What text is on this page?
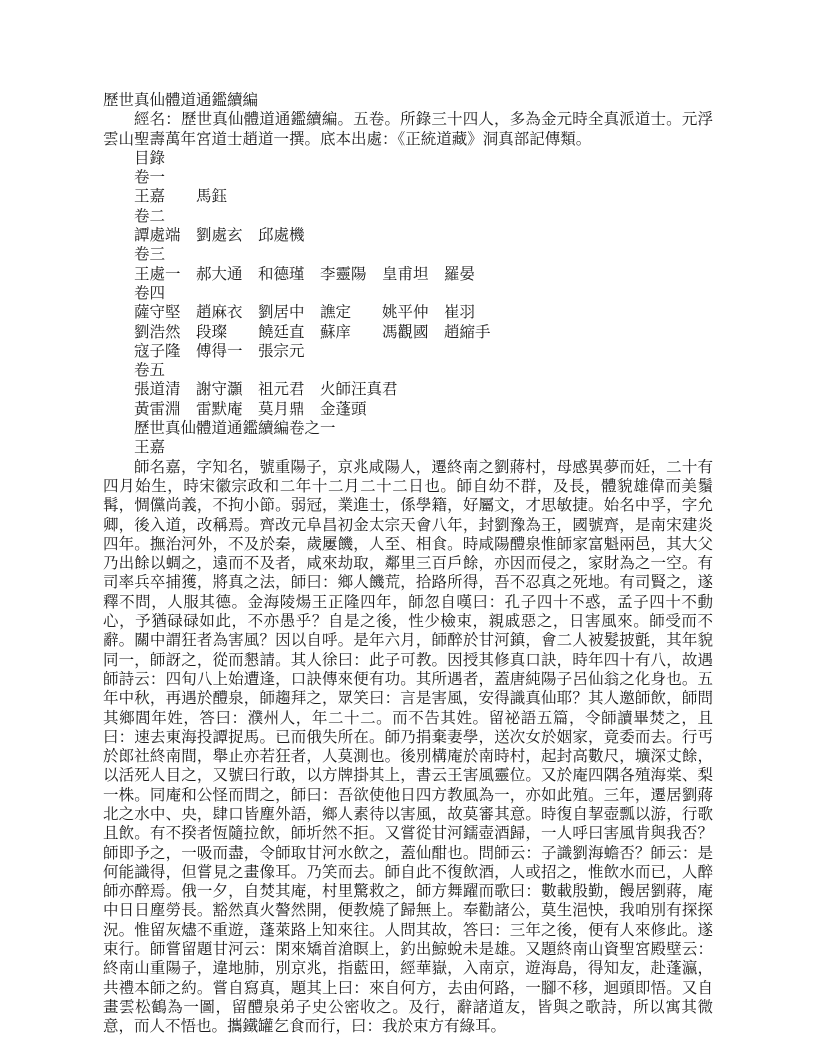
歷世真仙體道通鑑續編

經名：歷世真仙體道通鑑續編。五卷。所錄三十四人，多為金元時全真派道士。元浮雲山聖壽萬年宮道士趙道一撰。底本出處：《正統道藏》洞真部記傳類。

目錄
卷一
王嘉 馬鈺
卷二
譚處端 劉處玄 邱處機
卷三
王處一 郝大通 和德瑾 李靈陽 皇甫坦 羅晏
卷四
薩守堅 趙麻衣 劉居中 譙定 姚平仲 崔羽
劉浩然 段璨 饒廷直 蘇庠 馮觀國 趙縮手
寇子隆 傅得一 張宗元
卷五
張道清 謝守灝 祖元君 火師汪真君
黃雷淵 雷默庵 莫月鼎 金蓬頭
歷世真仙體道通鑑續編卷之一
王嘉

師名嘉，字知名，號重陽子，京兆咸陽人，遷終南之劉蔣村，母感異夢而妊，二十有四月始生，時宋徽宗政和二年十二月二十二日也。師自幼不群，及長，體貌雄偉而美鬚髯，惆儻尚義，不拘小節。弱冠，業進士，係學籍，好屬文，才思敏捷。始名中孚，字允卿，後入道，改稱焉。齊改元阜昌初金太宗天會八年，封劉豫為王，國號齊，是南宋建炎四年。撫治河外，不及於秦，歲屢饑，人至、相食。時咸陽醴泉惟師家富魁兩邑，其大父乃出餘以蜩之，遠而不及者，咸來劫取，鄰里三百戶餘，亦因而侵之，家財為之一空。有司率兵卒捕獲，將真之法，師曰：鄉人饑荒，拾路所得，吾不忍真之死地。有司賢之，遂釋不問，人服其德。金海陵煬王正隆四年，師忽自嘆曰：孔子四十不惑，孟子四十不動心，予猶碌碌如此，不亦愚乎？自是之後，性少檢束，親戚惡之，日害風來。師受而不辭。關中謂狂者為害風？因以自呼。是年六月，師醉於甘河鎮，會二人被髮披氈，其年貌同一，師訝之，從而懇請。其人徐曰：此子可教。因授其修真口訣，時年四十有八，故遇師詩云：四旬八上始遭逢，口訣傳來便有功。其所遇者，蓋唐純陽子呂仙翁之化身也。五年中秋，再遇於醴泉，師趨拜之，眾笑曰：言是害風，安得識真仙耶？其人邀師飲，師問其鄉閭年姓，答曰：濮州人，年二十二。而不告其姓。留祕語五篇，令師讀畢焚之，且曰：速去東海投譚捉馬。已而俄失所在。師乃捐棄妻學，送次女於姻家，竟委而去。行丐於郎社終南間，舉止亦若狂者，人莫測也。後別構庵於南時村，起封高數尺，壙深丈餘，以活死人目之，又號曰行敢，以方牌掛其上，書云王害風靈位。又於庵四隅各殖海棠、梨一株。同庵和公怪而問之，師曰：吾欲使他日四方教風為一，亦如此殖。三年，遷居劉蔣北之水中、央，肆口皆塵外語，鄉人素待以害風，故莫審其意。時復自挈壺瓢以游，行歌且飲。有不揆者恆隨拉飲，師圻然不拒。又嘗從甘河鑐壺酒歸，一人呼曰害風肯與我否？師即予之，一吸而盡，令師取甘河水飲之，蓋仙酣也。問師云：子識劉海蟾否？師云：是何能識得，但嘗見之畫像耳。乃笑而去。師自此不復飲酒，人或招之，惟飲水而已，人醉師亦醉焉。俄一夕，自焚其庵，村里驚救之，師方舞躍而歌曰：數載殷勤，饅居劉蔣，庵中日日塵勞長。豁然真火謷然開，便教燒了歸無上。奉勸諸公，莫生浥怏，我咱別有探探況。惟留灰燼不重遊，蓬萊路上知來往。人問其故，答曰：三年之後，便有人來修此。遂束行。師嘗留題甘河云：閑來矯首滄瞑上，釣出鯨蛻未是雄。又題終南山資聖宮殿壁云：終南山重陽子，違地肺，別京兆，指藍田，經華嶽，入南京，遊海島，得知友，赴蓬瀛，共禮本師之約。嘗自寫真，題其上曰：來自何方，去由何路，一腳不移，迴頭即悟。又自畫雲松鶴為一圖，留醴泉弟子史公密收之。及行，辭諸道友，皆與之歌詩，所以寓其微意，而人不悟也。攜鐵罐乞食而行，曰：我於束方有綠耳。
